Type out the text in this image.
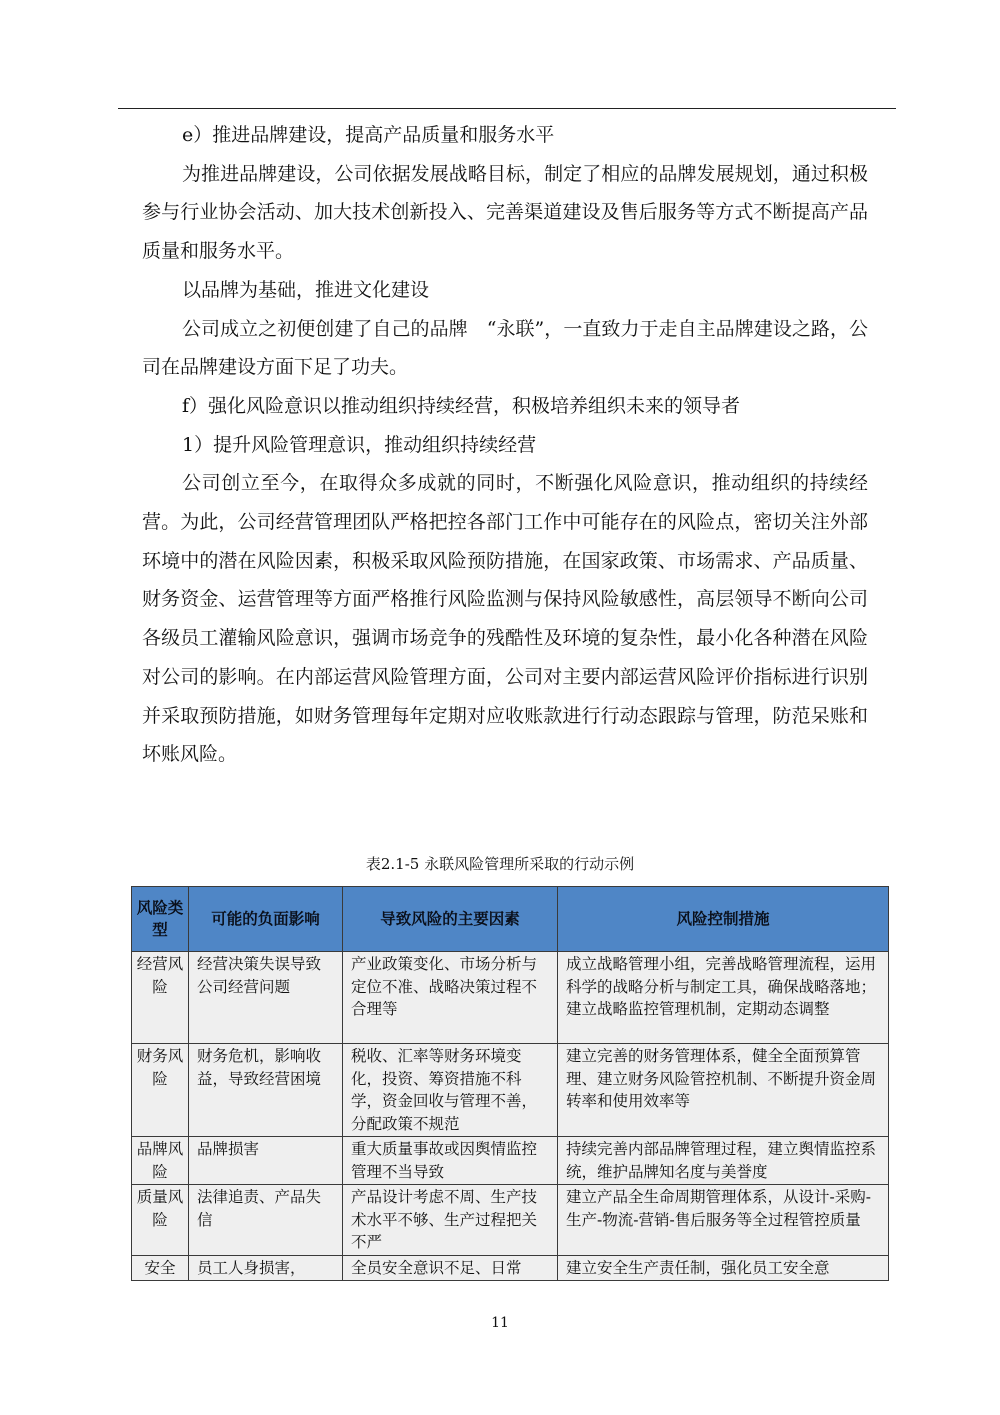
e）推进品牌建设，提高产品质量和服务水平

为推进品牌建设，公司依据发展战略目标，制定了相应的品牌发展规划，通过积极参与行业协会活动、加大技术创新投入、完善渠道建设及售后服务等方式不断提高产品质量和服务水平。

以品牌为基础，推进文化建设

公司成立之初便创建了自己的品牌　“永联”，一直致力于走自主品牌建设之路，公司在品牌建设方面下足了功夫。

f）强化风险意识以推动组织持续经营，积极培养组织未来的领导者

1）提升风险管理意识，推动组织持续经营

公司创立至今，在取得众多成就的同时，不断强化风险意识，推动组织的持续经营。为此，公司经营管理团队严格把控各部门工作中可能存在的风险点，密切关注外部环境中的潜在风险因素，积极采取风险预防措施，在国家政策、市场需求、产品质量、财务资金、运营管理等方面严格推行风险监测与保持风险敏感性，高层领导不断向公司各级员工灌输风险意识，强调市场竞争的残酷性及环境的复杂性，最小化各种潜在风险对公司的影响。在内部运营风险管理方面，公司对主要内部运营风险评价指标进行识别并采取预防措施，如财务管理每年定期对应收账款进行行动态跟踪与管理，防范呆账和坏账风险。

表2.1-5 永联风险管理所采取的行动示例
风险类型	可能的负面影响	导致风险的主要因素	风险控制措施
经营风险	经营决策失误导致公司经营问题	产业政策变化、市场分析与定位不准、战略决策过程不合理等	成立战略管理小组，完善战略管理流程，运用科学的战略分析与制定工具，确保战略落地；建立战略监控管理机制，定期动态调整
财务风险	财务危机，影响收益，导致经营困境	税收、汇率等财务环境变化，投资、筹资措施不科学，资金回收与管理不善，分配政策不规范	建立完善的财务管理体系，健全全面预算管理、建立财务风险管控机制、不断提升资金周转率和使用效率等
品牌风险	品牌损害	重大质量事故或因舆情监控管理不当导致	持续完善内部品牌管理过程，建立舆情监控系统，维护品牌知名度与美誉度
质量风险	法律追责、产品失信	产品设计考虑不周、生产技术水平不够、生产过程把关不严	建立产品全生命周期管理体系，从设计-采购-生产-物流-营销-售后服务等全过程管控质量
安全	员工人身损害，	全员安全意识不足、日常	建立安全生产责任制，强化员工安全意
11
